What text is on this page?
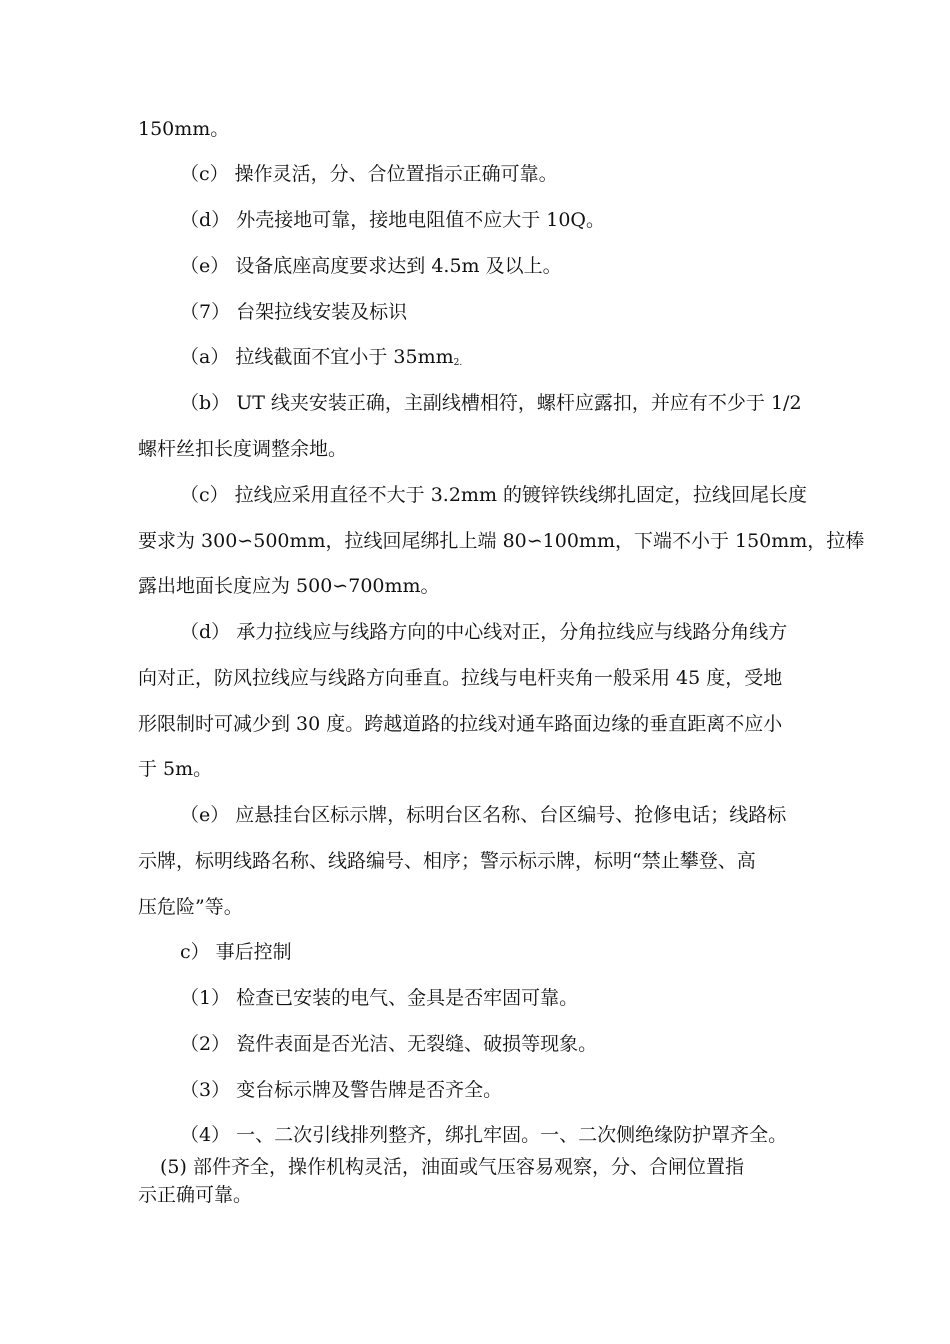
150mm。
（c） 操作灵活，分、合位置指示正确可靠。
（d） 外壳接地可靠，接地电阻值不应大于 10Q。
（e） 设备底座高度要求达到 4.5m 及以上。
（7） 台架拉线安装及标识
（a） 拉线截面不宜小于 $35mm_{2.}$
（b） UT 线夹安装正确，主副线槽相符，螺杆应露扣，并应有不少于 1/2
螺杆丝扣长度调整余地。
（c） 拉线应采用直径不大于 3.2mm 的镀锌铁线绑扎固定，拉线回尾长度
要求为 300∽500mm，拉线回尾绑扎上端 80∽100mm，下端不小于 150mm，拉棒
露出地面长度应为 500∽700mm。
（d） 承力拉线应与线路方向的中心线对正，分角拉线应与线路分角线方
向对正，防风拉线应与线路方向垂直。拉线与电杆夹角一般采用 45 度，受地
形限制时可减少到 30 度。跨越道路的拉线对通车路面边缘的垂直距离不应小
于 5m。
（e） 应悬挂台区标示牌，标明台区名称、台区编号、抢修电话；线路标
示牌，标明线路名称、线路编号、相序；警示标示牌，标明“禁止攀登、高
压危险”等。
c） 事后控制
（1） 检查已安装的电气、金具是否牢固可靠。
（2） 瓷件表面是否光洁、无裂缝、破损等现象。
（3） 变台标示牌及警告牌是否齐全。
（4） 一、二次引线排列整齐，绑扎牢固。一、二次侧绝缘防护罩齐全。
(5) 部件齐全，操作机构灵活，油面或气压容易观察，分、合闸位置指
示正确可靠。
